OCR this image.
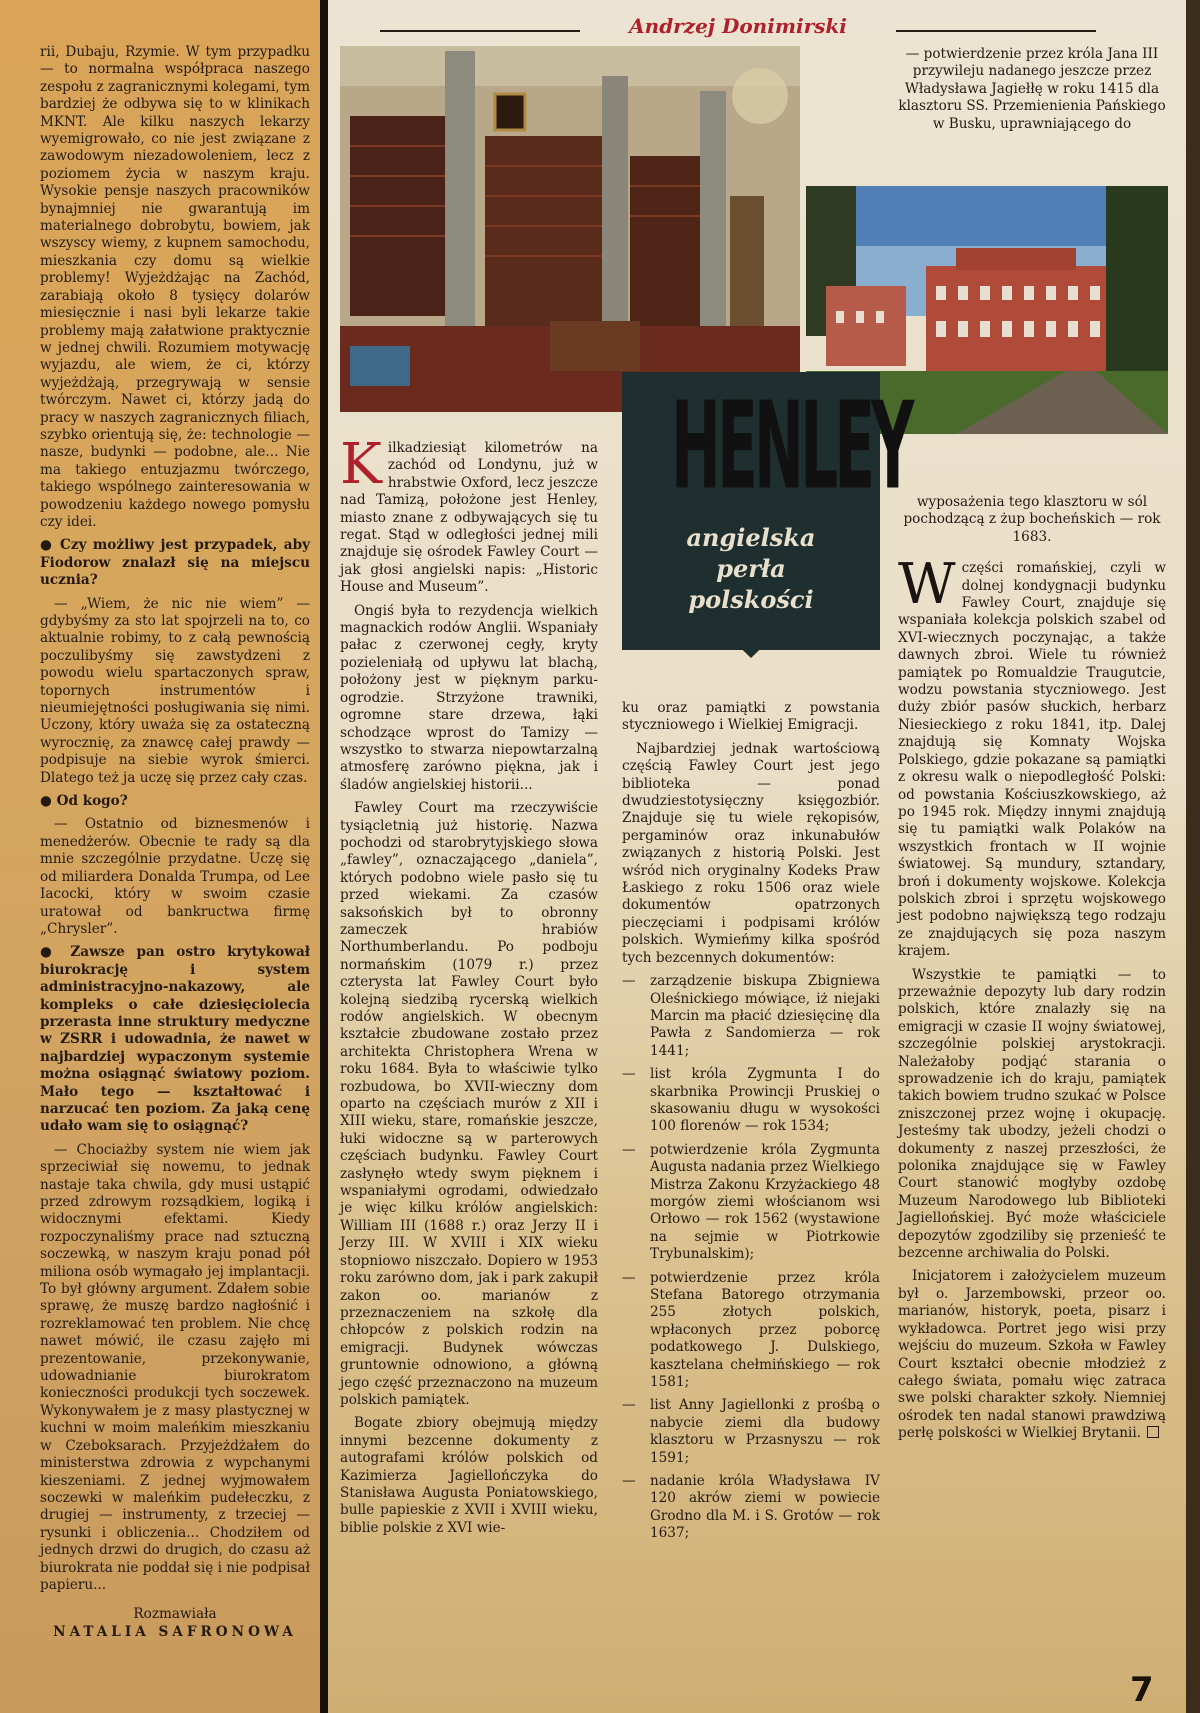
rii, Dubaju, Rzymie. W tym przypadku — to normalna współpraca naszego zespołu z zagranicznymi kolegami, tym bardziej że odbywa się to w klinikach MKNT. Ale kilku naszych lekarzy wyemigrowało, co nie jest związane z zawodowym niezadowoleniem, lecz z poziomem życia w naszym kraju. Wysokie pensje naszych pracowników bynajmniej nie gwarantują im materialnego dobrobytu, bowiem, jak wszyscy wiemy, z kupnem samochodu, mieszkania czy domu są wielkie problemy! Wyjeżdżając na Zachód, zarabiają około 8 tysięcy dolarów miesięcznie i nasi byli lekarze takie problemy mają załatwione praktycznie w jednej chwili. Rozumiem motywację wyjazdu, ale wiem, że ci, którzy wyjeżdżają, przegrywają w sensie twórczym. Nawet ci, którzy jadą do pracy w naszych zagranicznych filiach, szybko orientują się, że: technologie — nasze, budynki — podobne, ale... Nie ma takiego entuzjazmu twórczego, takiego wspólnego zainteresowania w powodzeniu każdego nowego pomysłu czy idei.

● Czy możliwy jest przypadek, aby Fiodorow znalazł się na miejscu ucznia?

— „Wiem, że nic nie wiem” — gdybyśmy za sto lat spojrzeli na to, co aktualnie robimy, to z całą pewnością poczulibyśmy się zawstydzeni z powodu wielu spartaczonych spraw, topornych instrumentów i nieumiejętności posługiwania się nimi. Uczony, który uważa się za ostateczną wyrocznię, za znawcę całej prawdy — podpisuje na siebie wyrok śmierci. Dlatego też ja uczę się przez cały czas.

● Od kogo?

— Ostatnio od biznesmenów i menedżerów. Obecnie te rady są dla mnie szczególnie przydatne. Uczę się od miliardera Donalda Trumpa, od Lee Iacocki, który w swoim czasie uratował od bankructwa firmę „Chrysler”.

● Zawsze pan ostro krytykował biurokrację i system administracyjno-nakazowy, ale kompleks o całe dziesięciolecia przerasta inne struktury medyczne w ZSRR i udowadnia, że nawet w najbardziej wypaczonym systemie można osiągnąć światowy poziom. Mało tego — kształtować i narzucać ten poziom. Za jaką cenę udało wam się to osiągnąć?

— Chociażby system nie wiem jak sprzeciwiał się nowemu, to jednak nastaje taka chwila, gdy musi ustąpić przed zdrowym rozsądkiem, logiką i widocznymi efektami. Kiedy rozpoczynaliśmy prace nad sztuczną soczewką, w naszym kraju ponad pół miliona osób wymagało jej implantacji. To był główny argument. Zdałem sobie sprawę, że muszę bardzo nagłośnić i rozreklamować ten problem. Nie chcę nawet mówić, ile czasu zajęło mi prezentowanie, przekonywanie, udowadnianie biurokratom konieczności produkcji tych soczewek. Wykonywałem je z masy plastycznej w kuchni w moim maleńkim mieszkaniu w Czeboksarach. Przyjeżdżałem do ministerstwa zdrowia z wypchanymi kieszeniami. Z jednej wyjmowałem soczewki w maleńkim pudełeczku, z drugiej — instrumenty, z trzeciej — rysunki i obliczenia... Chodziłem od jednych drzwi do drugich, do czasu aż biurokrata nie poddał się i nie podpisał papieru...

Rozmawiała
NATALIA SAFRONOWA
Andrzej Donimirski
HENLEY
angielska
perła
polskości

Kilkadziesiąt kilometrów na zachód od Londynu, już w hrabstwie Oxford, lecz jeszcze nad Tamizą, położone jest Henley, miasto znane z odbywających się tu regat. Stąd w odległości jednej mili znajduje się ośrodek Fawley Court — jak głosi angielski napis: „Historic House and Museum”.

Ongiś była to rezydencja wielkich magnackich rodów Anglii. Wspaniały pałac z czerwonej cegły, kryty pozieleniałą od upływu lat blachą, położony jest w pięknym parku-ogrodzie. Strzyżone trawniki, ogromne stare drzewa, łąki schodzące wprost do Tamizy — wszystko to stwarza niepowtarzalną atmosferę zarówno piękna, jak i śladów angielskiej historii...

Fawley Court ma rzeczywiście tysiącletnią już historię. Nazwa pochodzi od starobrytyjskiego słowa „fawley”, oznaczającego „daniela”, których podobno wiele pasło się tu przed wiekami. Za czasów saksońskich był to obronny zameczek hrabiów Northumberlandu. Po podboju normańskim (1079 r.) przez czterysta lat Fawley Court było kolejną siedzibą rycerską wielkich rodów angielskich. W obecnym kształcie zbudowane zostało przez architekta Christophera Wrena w roku 1684. Była to właściwie tylko rozbudowa, bo XVII-wieczny dom oparto na częściach murów z XII i XIII wieku, stare, romańskie jeszcze, łuki widoczne są w parterowych częściach budynku. Fawley Court zasłynęło wtedy swym pięknem i wspaniałymi ogrodami, odwiedzało je więc kilku królów angielskich: William III (1688 r.) oraz Jerzy II i Jerzy III. W XVIII i XIX wieku stopniowo niszczało. Dopiero w 1953 roku zarówno dom, jak i park zakupił zakon oo. marianów z przeznaczeniem na szkołę dla chłopców z polskich rodzin na emigracji. Budynek wówczas gruntownie odnowiono, a główną jego część przeznaczono na muzeum polskich pamiątek.

Bogate zbiory obejmują między innymi bezcenne dokumenty z autografami królów polskich od Kazimierza Jagiellończyka do Stanisława Augusta Poniatowskiego, bulle papieskie z XVII i XVIII wieku, biblie polskie z XVI wie-

ku oraz pamiątki z powstania styczniowego i Wielkiej Emigracji.

Najbardziej jednak wartościową częścią Fawley Court jest jego biblioteka — ponad dwudziestotysięczny księgozbiór. Znajduje się tu wiele rękopisów, pergaminów oraz inkunabułów związanych z historią Polski. Jest wśród nich oryginalny Kodeks Praw Łaskiego z roku 1506 oraz wiele dokumentów opatrzonych pieczęciami i podpisami królów polskich. Wymieńmy kilka spośród tych bezcennych dokumentów:

— zarządzenie biskupa Zbigniewa Oleśnickiego mówiące, iż niejaki Marcin ma płacić dziesięcinę dla Pawła z Sandomierza — rok 1441;
— list króla Zygmunta I do skarbnika Prowincji Pruskiej o skasowaniu długu w wysokości 100 florenów — rok 1534;
— potwierdzenie króla Zygmunta Augusta nadania przez Wielkiego Mistrza Zakonu Krzyżackiego 48 morgów ziemi włościanom wsi Orłowo — rok 1562 (wystawione na sejmie w Piotrkowie Trybunalskim);
— potwierdzenie przez króla Stefana Batorego otrzymania 255 złotych polskich, wpłaconych przez poborcę podatkowego J. Dulskiego, kasztelana chełmińskiego — rok 1581;
— list Anny Jagiellonki z prośbą o nabycie ziemi dla budowy klasztoru w Przasnyszu — rok 1591;
— nadanie króla Władysława IV 120 akrów ziemi w powiecie Grodno dla M. i S. Grotów — rok 1637;

— potwierdzenie przez króla Jana III przywileju nadanego jeszcze przez Władysława Jagiełłę w roku 1415 dla klasztoru SS. Przemienienia Pańskiego w Busku, uprawniającego do

wyposażenia tego klasztoru w sól pochodzącą z żup bocheńskich — rok 1683.

Wczęści romańskiej, czyli w dolnej kondygnacji budynku Fawley Court, znajduje się wspaniała kolekcja polskich szabel od XVI-wiecznych poczynając, a także dawnych zbroi. Wiele tu również pamiątek po Romualdzie Traugutcie, wodzu powstania styczniowego. Jest duży zbiór pasów słuckich, herbarz Niesieckiego z roku 1841, itp. Dalej znajdują się Komnaty Wojska Polskiego, gdzie pokazane są pamiątki z okresu walk o niepodległość Polski: od powstania Kościuszkowskiego, aż po 1945 rok. Między innymi znajdują się tu pamiątki walk Polaków na wszystkich frontach w II wojnie światowej. Są mundury, sztandary, broń i dokumenty wojskowe. Kolekcja polskich zbroi i sprzętu wojskowego jest podobno największą tego rodzaju ze znajdujących się poza naszym krajem.

Wszystkie te pamiątki — to przeważnie depozyty lub dary rodzin polskich, które znalazły się na emigracji w czasie II wojny światowej, szczególnie polskiej arystokracji. Należałoby podjąć starania o sprowadzenie ich do kraju, pamiątek takich bowiem trudno szukać w Polsce zniszczonej przez wojnę i okupację. Jesteśmy tak ubodzy, jeżeli chodzi o dokumenty z naszej przeszłości, że polonika znajdujące się w Fawley Court stanowić mogłyby ozdobę Muzeum Narodowego lub Biblioteki Jagiellońskiej. Być może właściciele depozytów zgodziliby się przenieść te bezcenne archiwalia do Polski.

Inicjatorem i założycielem muzeum był o. Jarzembowski, przeor oo. marianów, historyk, poeta, pisarz i wykładowca. Portret jego wisi przy wejściu do muzeum. Szkoła w Fawley Court kształci obecnie młodzież z całego świata, pomału więc zatraca swe polski charakter szkoły. Niemniej ośrodek ten nadal stanowi prawdziwą perłę polskości w Wielkiej Brytanii.

7
